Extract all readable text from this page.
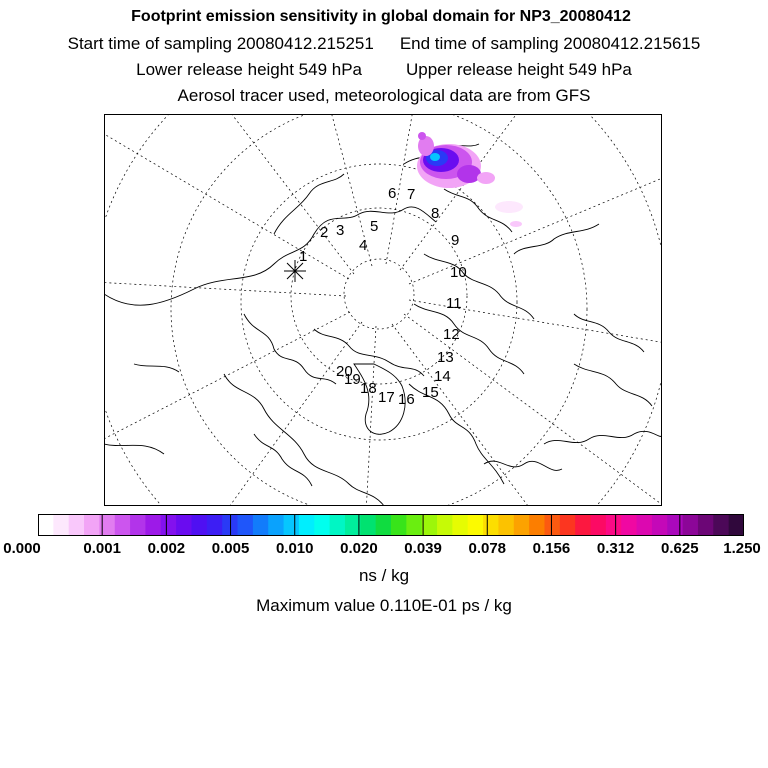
Footprint emission sensitivity in global domain for NP3_20080412
Start time of sampling 20080412.215251 End time of sampling 20080412.215615
Lower release height 549 hPa	Upper release height 549 hPa
Aerosol tracer used, meteorological data are from GFS
1
2 3
4
5
6 7
8
9
10
11
12
13
14
15
16
17
18
19
20
0.000	0.001 0.002 0.005 0.010 0.020 0.039 0.078 0.156 0.312 0.625 1.250
ns / kg
Maximum value 0.110E-01 ps / kg
